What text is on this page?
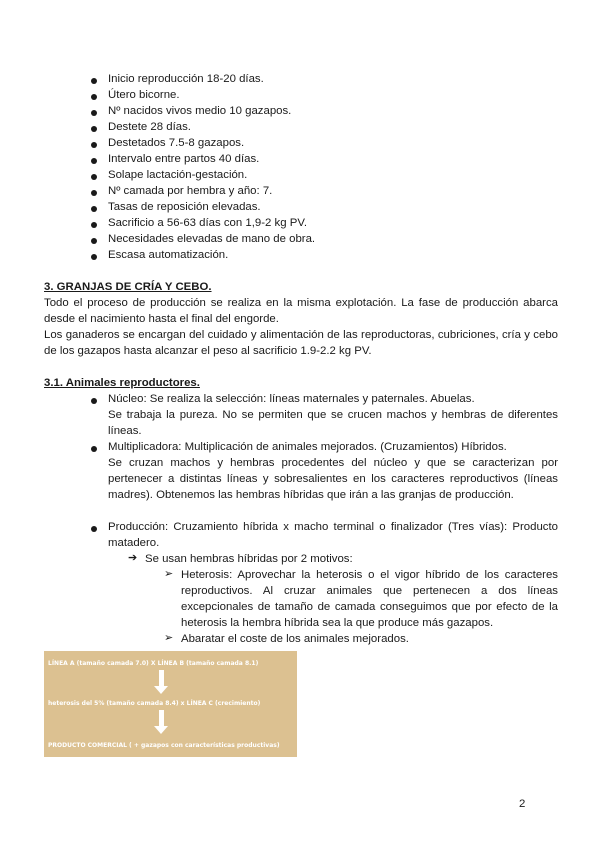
Inicio reproducción 18-20 días.
Útero bicorne.
Nº nacidos vivos medio 10 gazapos.
Destete 28 días.
Destetados 7.5-8 gazapos.
Intervalo entre partos 40 días.
Solape lactación-gestación.
Nº camada por hembra y año: 7.
Tasas de reposición elevadas.
Sacrificio a 56-63 días con 1,9-2 kg PV.
Necesidades elevadas de mano de obra.
Escasa automatización.
3. GRANJAS DE CRÍA Y CEBO.
Todo el proceso de producción se realiza en la misma explotación. La fase de producción abarca desde el nacimiento hasta el final del engorde.
Los ganaderos se encargan del cuidado y alimentación de las reproductoras, cubriciones, cría y cebo de los gazapos hasta alcanzar el peso al sacrificio 1.9-2.2 kg PV.
3.1. Animales reproductores.
Núcleo: Se realiza la selección: líneas maternales y paternales. Abuelas.
Se trabaja la pureza. No se permiten que se crucen machos y hembras de diferentes líneas.
Multiplicadora: Multiplicación de animales mejorados. (Cruzamientos) Híbridos.
Se cruzan machos y hembras procedentes del núcleo y que se caracterizan por pertenecer a distintas líneas y sobresalientes en los caracteres reproductivos (líneas madres). Obtenemos las hembras híbridas que irán a las granjas de producción.
Producción: Cruzamiento híbrida x macho terminal o finalizador (Tres vías): Producto matadero.
➔ Se usan hembras híbridas por 2 motivos:
➢ Heterosis: Aprovechar la heterosis o el vigor híbrido de los caracteres reproductivos. Al cruzar animales que pertenecen a dos líneas excepcionales de tamaño de camada conseguimos que por efecto de la heterosis la hembra híbrida sea la que produce más gazapos.
➢ Abaratar el coste de los animales mejorados.
LÍNEA A (tamaño camada 7.0) X LÍNEA B (tamaño camada 8.1)
heterosis del 5% (tamaño camada 8.4) x LÍNEA C (crecimiento)
PRODUCTO COMERCIAL ( + gazapos con características productivas)
2
